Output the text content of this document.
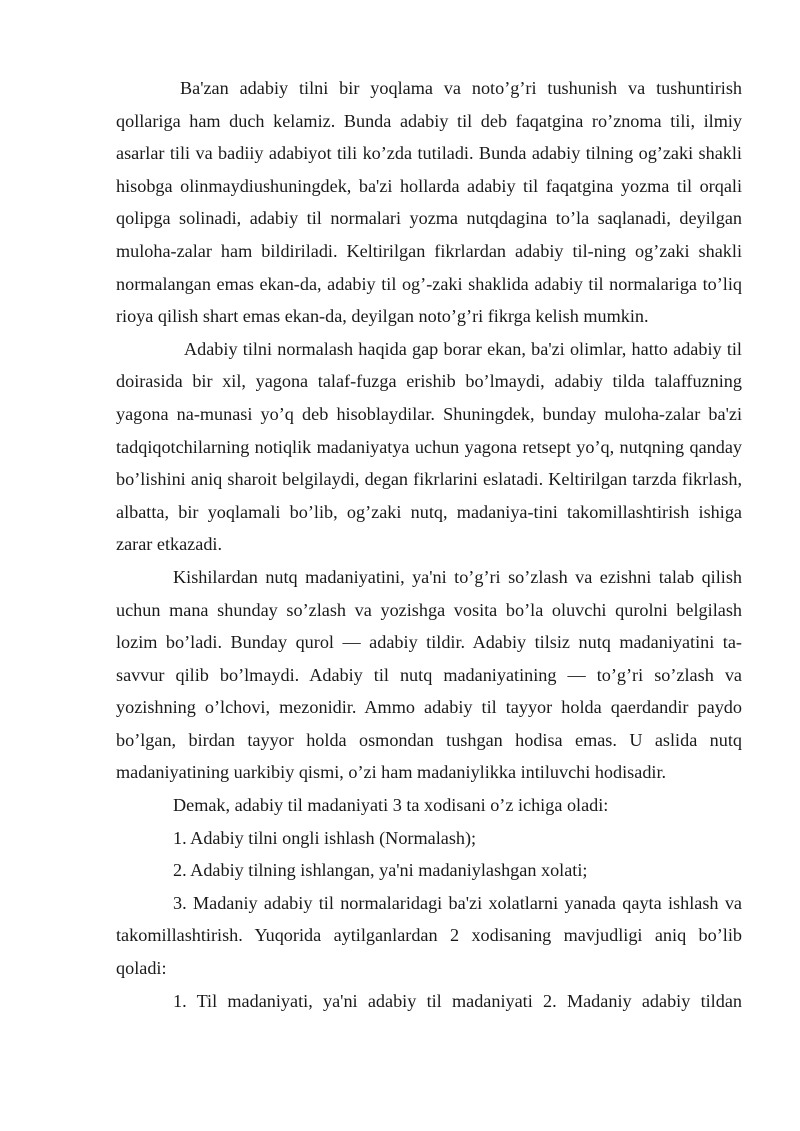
Ba'zan adabiy tilni bir yoqlama va noto’g’ri tushunish va tushuntirish qollariga ham duch kelamiz. Bunda adabiy til deb faqatgina ro’znoma tili, ilmiy asarlar tili va badiiy adabiyot tili ko’zda tutiladi. Bunda adabiy tilning og’zaki shakli hisobga olinmaydiushuningdek, ba'zi hollarda adabiy til faqatgina yozma til orqali qolipga solinadi, adabiy til normalari yozma nutqdagina to’la saqlanadi, deyilgan muloha-zalar ham bildiriladi. Keltirilgan fikrlardan adabiy til-ning og’zaki shakli normalangan emas ekan-da, adabiy til og’-zaki shaklida adabiy til normalariga to’liq rioya qilish shart emas ekan-da, deyilgan noto’g’ri fikrga kelish mumkin.

Adabiy tilni normalash haqida gap borar ekan, ba'zi olimlar, hatto adabiy til doirasida bir xil, yagona talaf-fuzga erishib bo’lmaydi, adabiy tilda talaffuzning yagona na-munasi yo’q deb hisoblaydilar. Shuningdek, bunday muloha-zalar ba'zi tadqiqotchilarning notiqlik madaniyatya uchun yagona retsept yo’q, nutqning qanday bo’lishini aniq sharoit belgilaydi, degan fikrlarini eslatadi. Keltirilgan tarzda fikrlash, albatta, bir yoqlamali bo’lib, og’zaki nutq, madaniya-tini takomillashtirish ishiga zarar etkazadi.

Kishilardan nutq madaniyatini, ya'ni to’g’ri so’zlash va ezishni talab qilish uchun mana shunday so’zlash va yozishga vosita bo’la oluvchi qurolni belgilash lozim bo’ladi. Bunday qurol — adabiy tildir. Adabiy tilsiz nutq madaniyatini ta-savvur qilib bo’lmaydi. Adabiy til nutq madaniyatining — to’g’ri so’zlash va yozishning o’lchovi, mezonidir. Ammo adabiy til tayyor holda qaerdandir paydo bo’lgan, birdan tayyor holda osmondan tushgan hodisa emas. U aslida nutq madaniyatining uarkibiy qismi, o’zi ham madaniylikka intiluvchi hodisadir.

Demak, adabiy til madaniyati 3 ta xodisani o’z ichiga oladi:

1. Adabiy tilni ongli ishlash (Normalash);

2. Adabiy tilning ishlangan, ya'ni madaniylashgan xolati;

3. Madaniy adabiy til normalaridagi ba'zi xolatlarni yanada qayta ishlash va takomillashtirish. Yuqorida aytilganlardan 2 xodisaning mavjudligi aniq bo’lib qoladi:

1. Til madaniyati, ya'ni adabiy til madaniyati 2. Madaniy adabiy tildan
